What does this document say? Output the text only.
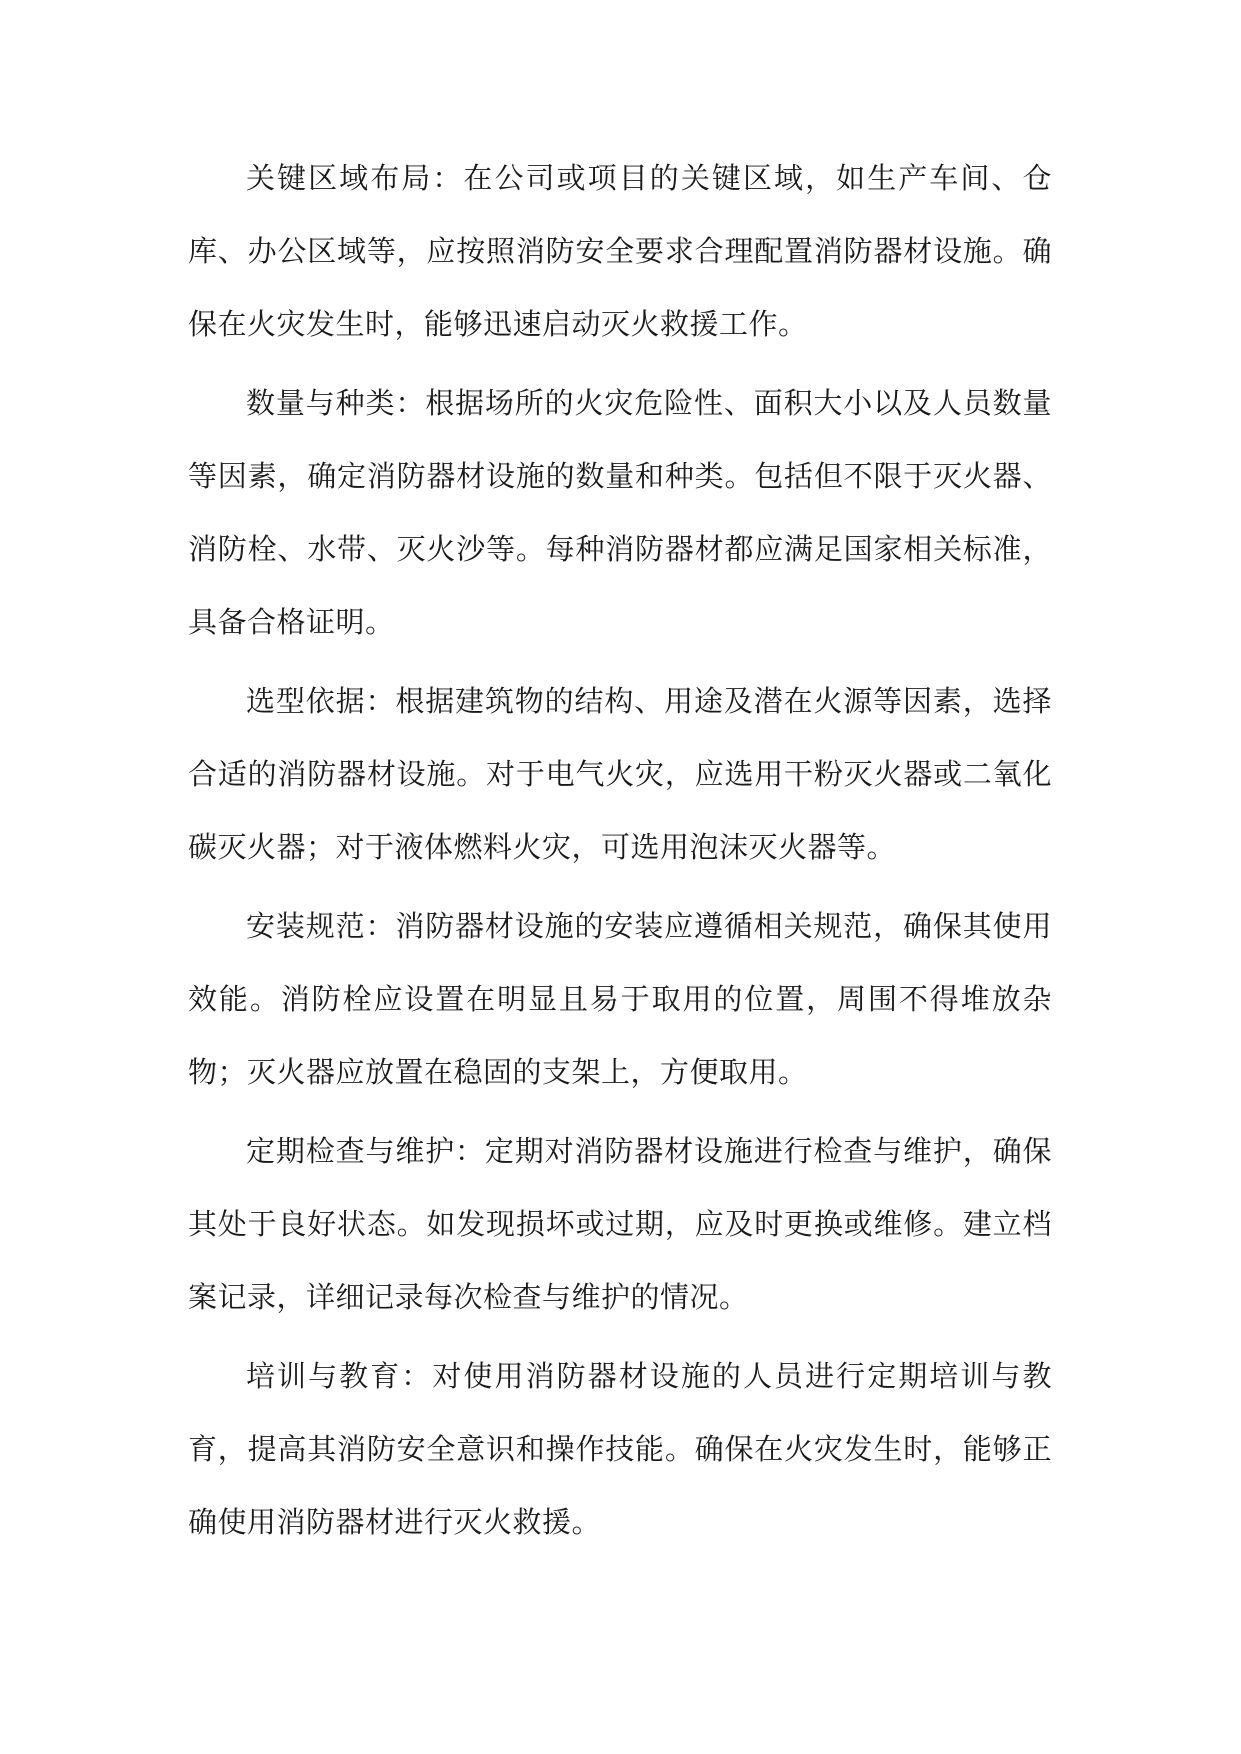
关键区域布局：在公司或项目的关键区域，如生产车间、仓库、办公区域等，应按照消防安全要求合理配置消防器材设施。确保在火灾发生时，能够迅速启动灭火救援工作。

数量与种类：根据场所的火灾危险性、面积大小以及人员数量等因素，确定消防器材设施的数量和种类。包括但不限于灭火器、消防栓、水带、灭火沙等。每种消防器材都应满足国家相关标准，具备合格证明。

选型依据：根据建筑物的结构、用途及潜在火源等因素，选择合适的消防器材设施。对于电气火灾，应选用干粉灭火器或二氧化碳灭火器；对于液体燃料火灾，可选用泡沫灭火器等。

安装规范：消防器材设施的安装应遵循相关规范，确保其使用效能。消防栓应设置在明显且易于取用的位置，周围不得堆放杂物；灭火器应放置在稳固的支架上，方便取用。

定期检查与维护：定期对消防器材设施进行检查与维护，确保其处于良好状态。如发现损坏或过期，应及时更换或维修。建立档案记录，详细记录每次检查与维护的情况。

培训与教育：对使用消防器材设施的人员进行定期培训与教育，提高其消防安全意识和操作技能。确保在火灾发生时，能够正确使用消防器材进行灭火救援。
